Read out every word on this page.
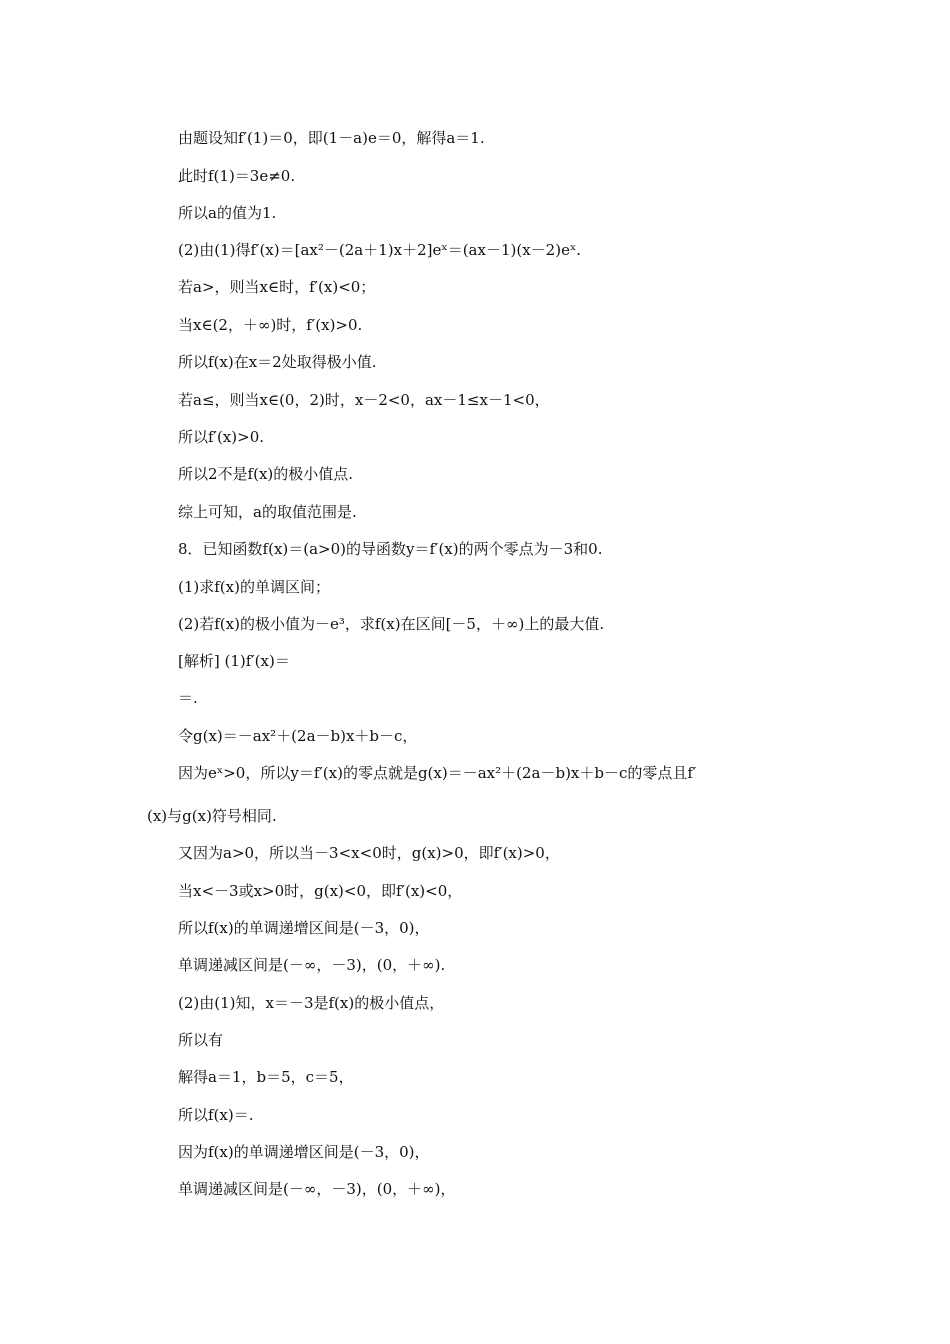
由题设知f′(1)＝0，即(1－a)e＝0，解得a＝1.
此时f(1)＝3e≠0.
所以a的值为1.
(2)由(1)得f′(x)＝[ax²－(2a＋1)x＋2]eˣ＝(ax－1)(x－2)eˣ.
若a>，则当x∈时，f′(x)<0；
当x∈(2，＋∞)时，f′(x)>0.
所以f(x)在x＝2处取得极小值.
若a≤，则当x∈(0，2)时，x－2<0，ax－1≤x－1<0，
所以f′(x)>0.
所以2不是f(x)的极小值点.
综上可知，a的取值范围是.
8．已知函数f(x)＝(a>0)的导函数y＝f′(x)的两个零点为－3和0.
(1)求f(x)的单调区间；
(2)若f(x)的极小值为－e³，求f(x)在区间[－5，＋∞)上的最大值.
[解析] (1)f′(x)＝
＝.
令g(x)＝－ax²＋(2a－b)x＋b－c，
因为eˣ>0，所以y＝f′(x)的零点就是g(x)＝－ax²＋(2a－b)x＋b－c的零点且f′
(x)与g(x)符号相同.
又因为a>0，所以当－3<x<0时，g(x)>0，即f′(x)>0，
当x<－3或x>0时，g(x)<0，即f′(x)<0，
所以f(x)的单调递增区间是(－3，0)，
单调递减区间是(－∞，－3)，(0，＋∞).
(2)由(1)知，x＝－3是f(x)的极小值点，
所以有
解得a＝1，b＝5，c＝5，
所以f(x)＝.
因为f(x)的单调递增区间是(－3，0)，
单调递减区间是(－∞，－3)，(0，＋∞)，
